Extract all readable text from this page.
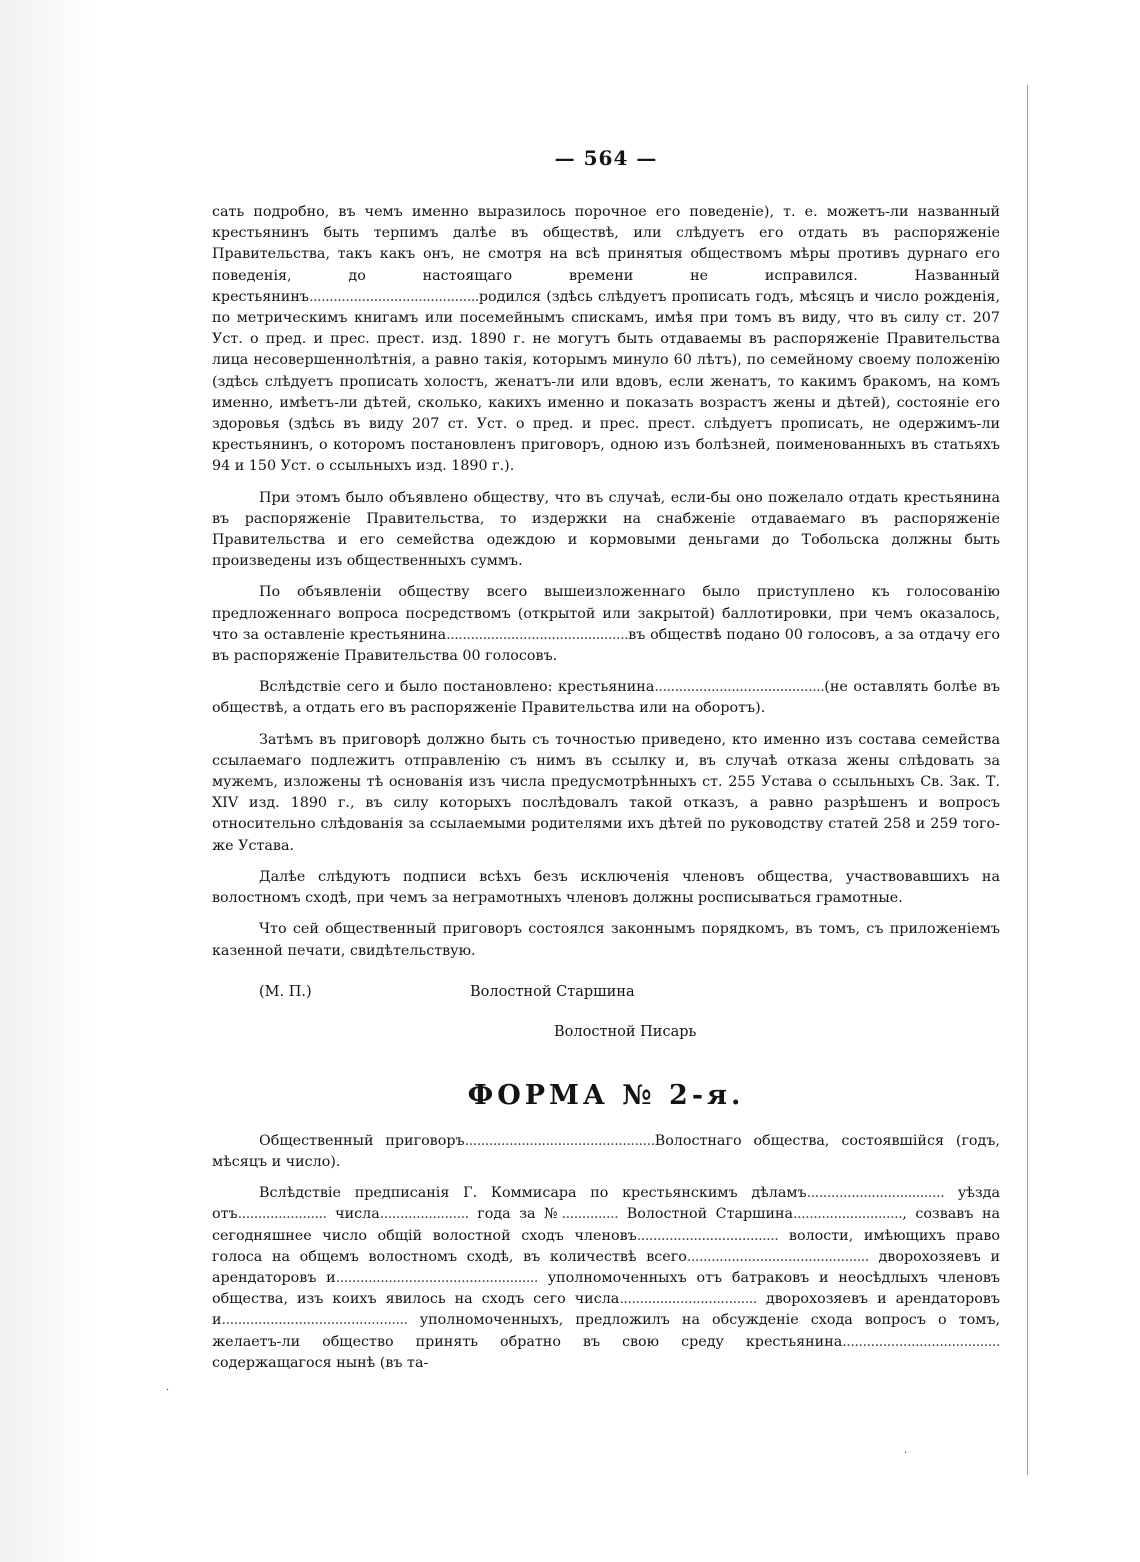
·
·
— 564 —

сать подробно, въ чемъ именно выразилось порочное его поведеніе), т. е. можетъ-ли названный крестьянинъ быть терпимъ далѣе въ обществѣ, или слѣдуетъ его отдать въ распоряженіе Правительства, такъ какъ онъ, не смотря на всѣ принятыя обществомъ мѣры противъ дурнаго его поведенія, до настоящаго времени не исправился. Названный крестьянинъ..........................................родился (здѣсь слѣдуетъ прописать годъ, мѣсяцъ и число рожденія, по метрическимъ книгамъ или посемейнымъ спискамъ, имѣя при томъ въ виду, что въ силу ст. 207 Уст. о пред. и прес. прест. изд. 1890 г. не могутъ быть отдаваемы въ распоряженіе Правительства лица несовершеннолѣтнія, а равно такія, которымъ минуло 60 лѣтъ), по семейному своему положенію (здѣсь слѣдуетъ прописать холостъ, женатъ-ли или вдовъ, если женатъ, то какимъ бракомъ, на комъ именно, имѣетъ-ли дѣтей, сколько, какихъ именно и показать возрастъ жены и дѣтей), состояніе его здоровья (здѣсь въ виду 207 ст. Уст. о пред. и прес. прест. слѣдуетъ прописать, не одержимъ-ли крестьянинъ, о которомъ постановленъ приговоръ, одною изъ болѣзней, поименованныхъ въ статьяхъ 94 и 150 Уст. о ссыльныхъ изд. 1890 г.).

При этомъ было объявлено обществу, что въ случаѣ, если-бы оно пожелало отдать крестьянина въ распоряженіе Правительства, то издержки на снабженіе отдаваемаго въ распоряженіе Правительства и его семейства одеждою и кормовыми деньгами до Тобольска должны быть произведены изъ общественныхъ суммъ.

По объявленіи обществу всего вышеизложеннаго было приступлено къ голосованію предложеннаго вопроса посредствомъ (открытой или закрытой) баллотировки, при чемъ оказалось, что за оставленіе крестьянина.............................................въ обществѣ подано 00 голосовъ, а за отдачу его въ распоряженіе Правительства 00 голосовъ.

Вслѣдствіе сего и было постановлено: крестьянина..........................................(не оставлять болѣе въ обществѣ, а отдать его въ распоряженіе Правительства или на оборотъ).

Затѣмъ въ приговорѣ должно быть съ точностью приведено, кто именно изъ состава семейства ссылаемаго подлежитъ отправленію съ нимъ въ ссылку и, въ случаѣ отказа жены слѣдовать за мужемъ, изложены тѣ основанія изъ числа предусмотрѣнныхъ ст. 255 Устава о ссыльныхъ Св. Зак. Т. XIV изд. 1890 г., въ силу которыхъ послѣдовалъ такой отказъ, а равно разрѣшенъ и вопросъ относительно слѣдованія за ссылаемыми родителями ихъ дѣтей по руководству статей 258 и 259 того-же Устава.

Далѣе слѣдуютъ подписи всѣхъ безъ исключенія членовъ общества, участвовавшихъ на волостномъ сходѣ, при чемъ за неграмотныхъ членовъ должны росписываться грамотные.

Что сей общественный приговоръ состоялся законнымъ порядкомъ, въ томъ, съ приложеніемъ казенной печати, свидѣтельствую.

(М. П.)	Волостной Старшина
Волостной Писарь
ФОРМА № 2-я.

Общественный приговоръ...............................................Волостнаго общества, состоявшійся (годъ, мѣсяцъ и число).

Вслѣдствіе предписанія Г. Коммисара по крестьянскимъ дѣламъ.................................. уѣзда отъ...................... числа...................... года за №.............. Волостной Старшина..........................., созвавъ на сегодняшнее число общій волостной сходъ членовъ................................... волости, имѣющихъ право голоса на общемъ волостномъ сходѣ, въ количествѣ всего............................................. дворохозяевъ и арендаторовъ и.................................................. уполномоченныхъ отъ батраковъ и неосѣдлыхъ членовъ общества, изъ коихъ явилось на сходъ сего числа.................................. дворохозяевъ и арендаторовъ и.............................................. уполномоченныхъ, предложилъ на обсужденіе схода вопросъ о томъ, желаетъ-ли общество принять обратно въ свою среду крестьянина....................................... содержащагося нынѣ (въ та-
